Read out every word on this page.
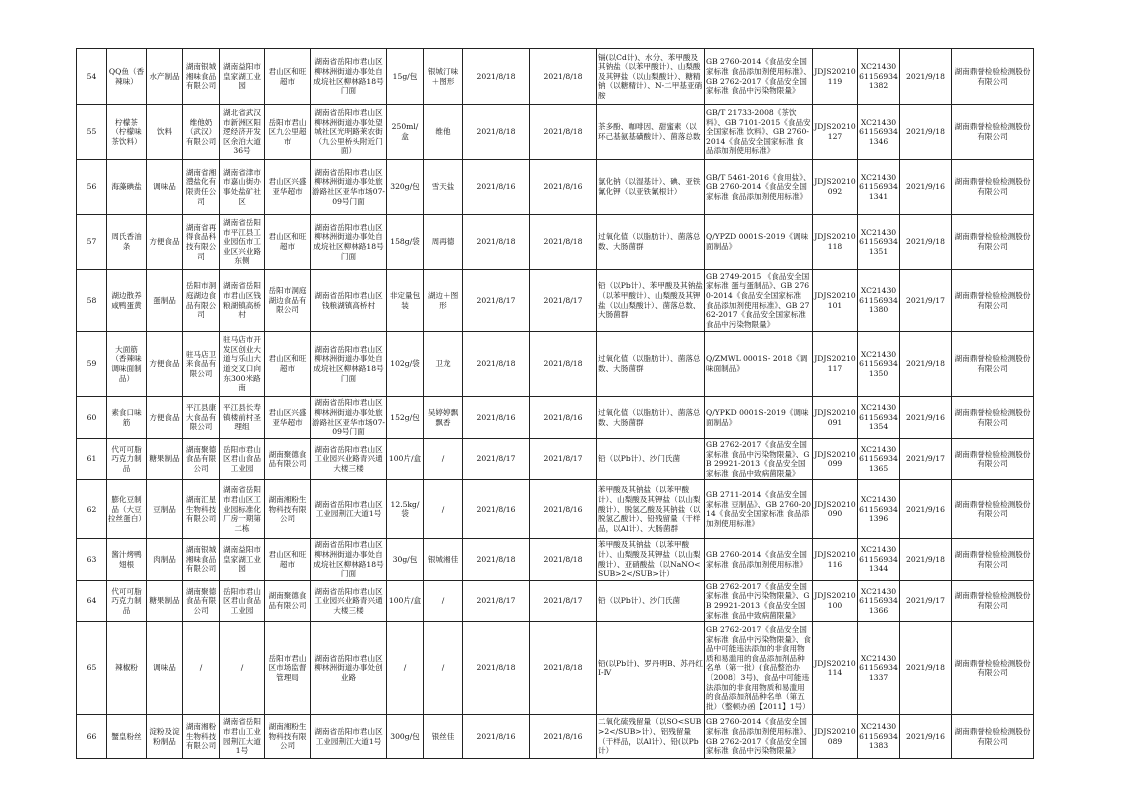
54	QQ鱼（香辣味）	水产制品	湖南银城湘味食品有限公司	湖南益阳市皇家湖工业园	君山区和旺超市	湖南省岳阳市君山区柳林洲街道办事处自成垸社区柳林路18号门面	15g/包	银城汀味＋图形	2021/8/18	2021/8/18	镉(以Cd计)、水分、苯甲酸及其钠盐（以苯甲酸计）、山梨酸及其钾盐（以山梨酸计）、糖精钠（以糖精计）、N-二甲基亚硝胺	GB 2760-2014《食品安全国家标准 食品添加剂使用标准》、GB 2762-2017《食品安全国家标准 食品中污染物限量》	JDJS20210119	XC21430611569341382	2021/9/18	湖南鼎誉检验检测股份有限公司
55	柠檬茶（柠檬味茶饮料）	饮料	维他奶（武汉）有限公司	湖北省武汉市新洲区阳逻经济开发区余泊大道36号	岳阳市君山区九公里超市	湖南省岳阳市君山区柳林洲街道办事处望城社区光明路莱农街（九公里桥头附近门面）	250ml/盒	维他	2021/8/18	2021/8/18	茶多酚、咖啡因、甜蜜素（以环己基氨基磺酸计）、菌落总数	GB/T 21733-2008《茶饮料》、GB 7101-2015《食品安全国家标准 饮料》、GB 2760-2014《食品安全国家标准 食品添加剂使用标准》	JDJS20210127	XC21430611569341346	2021/9/18	湖南鼎誉检验检测股份有限公司
56	海藻碘盐	调味品	湖南省湘澧盐化有限责任公司	湖南省津市市嘉山街办事处盐矿社区	君山区兴盛亚华超市	湖南省岳阳市君山区柳林洲街道办事处旅游路社区亚华市场07-09号门面	320g/包	雪天盐	2021/8/16	2021/8/16	氯化钠（以湿基计）、碘、亚铁氰化钾（以亚铁氰根计）	GB/T 5461-2016《食用盐》、GB 2760-2014《食品安全国家标准 食品添加剂使用标准》	JDJS20210092	XC21430611569341341	2021/9/16	湖南鼎誉检验检测股份有限公司
57	周氏香油条	方便食品	湖南省再得食品科技有限公司	湖南省岳阳市平江县工业园伍市工业区兴业路东侧	君山区和旺超市	湖南省岳阳市君山区柳林洲街道办事处自成垸社区柳林路18号门面	158g/袋	周再德	2021/8/18	2021/8/18	过氧化值（以脂肪计）、菌落总数、大肠菌群	Q/YPZD 0001S-2019《调味面制品》	JDJS20210118	XC21430611569341351	2021/9/18	湖南鼎誉检验检测股份有限公司
58	湖边散养咸鸭蛋黄	蛋制品	岳阳市洞庭湖边食品有限公司	湖南省岳阳市君山区钱粮湖镇高桥村	岳阳市洞庭湖边食品有限公司	湖南省岳阳市君山区钱粮湖镇高桥村	非定量包装	湖边＋图形	2021/8/17	2021/8/17	铅（以Pb计）、苯甲酸及其钠盐（以苯甲酸计）、山梨酸及其钾盐（以山梨酸计）、菌落总数、大肠菌群	GB 2749-2015 《食品安全国家标准 蛋与蛋制品》、GB 2760-2014《食品安全国家标准 食品添加剂使用标准》、GB 2762-2017《食品安全国家标准 食品中污染物限量》	JDJS20210101	XC21430611569341380	2021/9/17	湖南鼎誉检验检测股份有限公司
59	大面筋（香辣味调味面制品）	方便食品	驻马店卫来食品有限公司	驻马店市开发区创业大道与乐山大道交叉口向东300米路南	君山区和旺超市	湖南省岳阳市君山区柳林洲街道办事处自成垸社区柳林路18号门面	102g/袋	卫龙	2021/8/18	2021/8/18	过氧化值（以脂肪计）、菌落总数、大肠菌群	Q/ZMWL 0001S- 2018《调味面制品》	JDJS20210117	XC21430611569341350	2021/9/18	湖南鼎誉检验检测股份有限公司
60	素食口味筋	方便食品	平江县康大食品有限公司	平江县长寿镇楼前村圣理组	君山区兴盛亚华超市	湖南省岳阳市君山区柳林洲街道办事处旅游路社区亚华市场07-09号门面	152g/包	吴婷婷飘飘香	2021/8/16	2021/8/16	过氧化值（以脂肪计）、菌落总数、大肠菌群	Q/YPKD 0001S-2019《调味面制品》	JDJS20210091	XC21430611569341354	2021/9/16	湖南鼎誉检验检测股份有限公司
61	代可可脂巧克力制品	糖果制品	湖南聚德食品有限公司	岳阳市君山区君山食品工业园	湖南聚德食品有限公司	湖南省岳阳市君山区工业园兴业路青兴通大楼三楼	100片/盒	/	2021/8/17	2021/8/17	铅（以Pb计）、沙门氏菌	GB 2762-2017《食品安全国家标准 食品中污染物限量》、GB 29921-2013《食品安全国家标准 食品中致病菌限量》	JDJS20210099	XC21430611569341365	2021/9/17	湖南鼎誉检验检测股份有限公司
62	膨化豆制品（大豆拉丝蛋白）	豆制品	湖南汇星生物科技有限公司	湖南省岳阳市君山区工业园标准化厂房一期第二栋	湖南湘粉生物科技有限公司	湖南省岳阳市君山区工业园荆江大道1号	12.5kg/袋	/	2021/8/16	2021/8/16	苯甲酸及其钠盐（以苯甲酸计）、山梨酸及其钾盐（以山梨酸计）、脱氢乙酸及其钠盐（以脱氢乙酸计）、铅残留量（干样品，以Al计）、大肠菌群	GB 2711-2014《食品安全国家标准 豆制品》、GB 2760-2014《食品安全国家标准 食品添加剂使用标准》	JDJS20210090	XC21430611569341396	2021/9/16	湖南鼎誉检验检测股份有限公司
63	酱汁烤鸭翅根	肉制品	湖南银城湘味食品有限公司	湖南益阳市皇家湖工业园	君山区和旺超市	湖南省岳阳市君山区柳林洲街道办事处自成垸社区柳林路18号门面	30g/包	银城湘佳	2021/8/18	2021/8/18	苯甲酸及其钠盐（以苯甲酸计）、山梨酸及其钾盐（以山梨酸计）、亚硝酸盐（以NaNO<SUB>2</SUB>计）	GB 2760-2014《食品安全国家标准 食品添加剂使用标准》	JDJS20210116	XC21430611569341344	2021/9/18	湖南鼎誉检验检测股份有限公司
64	代可可脂巧克力制品	糖果制品	湖南聚德食品有限公司	岳阳市君山区君山食品工业园	湖南聚德食品有限公司	湖南省岳阳市君山区工业园兴业路青兴通大楼三楼	100片/盒	/	2021/8/17	2021/8/17	铅（以Pb计）、沙门氏菌	GB 2762-2017《食品安全国家标准 食品中污染物限量》、GB 29921-2013《食品安全国家标准 食品中致病菌限量》	JDJS20210100	XC21430611569341366	2021/9/17	湖南鼎誉检验检测股份有限公司
65	辣椒粉	调味品	/	/	岳阳市君山区市场监督管理局	湖南省岳阳市君山区柳林洲街道办事处创业路	/	/	2021/8/18	2021/8/18	铅(以Pb计)、罗丹明B、苏丹红Ⅰ-Ⅳ	GB 2762-2017《食品安全国家标准 食品中污染物限量》、食品中可能违法添加的非食用物质和易滥用的食品添加剂品种名单（第一批）(食品整治办〔2008〕3号)、食品中可能违法添加的非食用物质和易滥用的食品添加剂品种名单（第五批）（整顿办函【2011】1号）	JDJS20210114	XC21430611569341337	2021/9/18	湖南鼎誉检验检测股份有限公司
66	蟹皇粉丝	淀粉及淀粉制品	湖南湘粉生物科技有限公司	湖南省岳阳市君山工业园荆江大道1号	湖南湘粉生物科技有限公司	湖南省岳阳市君山区工业园荆江大道1号	300g/包	银丝佳	2021/8/16	2021/8/16	二氧化硫残留量（以SO<SUB>2</SUB>计）、铝残留量（干样品，以Al计）、铅(以Pb计）	GB 2760-2014《食品安全国家标准 食品添加剂使用标准》、GB 2762-2017《食品安全国家标准 食品中污染物限量》	JDJS20210089	XC21430611569341383	2021/9/16	湖南鼎誉检验检测股份有限公司
